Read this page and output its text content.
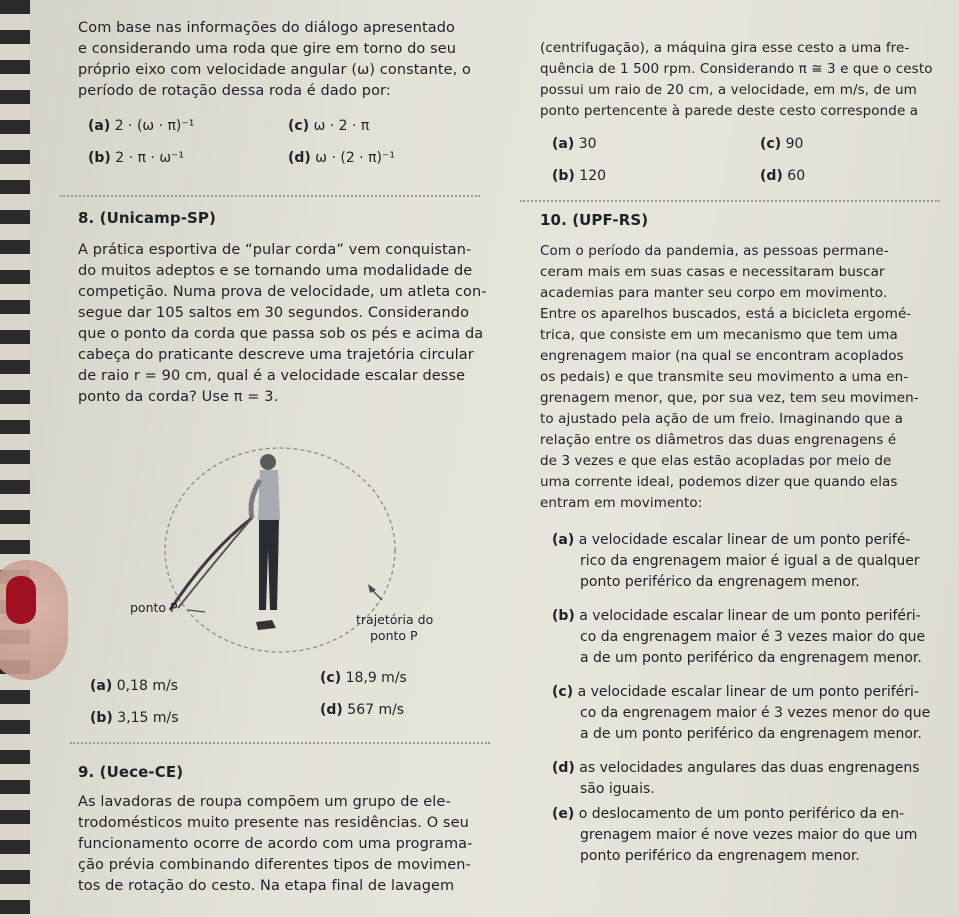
Com base nas informações do diálogo apresentado

e considerando uma roda que gire em torno do seu

próprio eixo com velocidade angular (ω) constante, o

período de rotação dessa roda é dado por:

(a) 2 · (ω · π)⁻¹
(b) 2 · π · ω⁻¹
(c) ω · 2 · π
(d) ω · (2 · π)⁻¹

(centrifugação), a máquina gira esse cesto a uma fre-

quência de 1 500 rpm. Considerando π ≅ 3 e que o cesto

possui um raio de 20 cm, a velocidade, em m/s, de um

ponto pertencente à parede deste cesto corresponde a

(a) 30
(b) 120
(c) 90
(d) 60

8. (Unicamp-SP)

A prática esportiva de “pular corda” vem conquistan-

do muitos adeptos e se tornando uma modalidade de

competição. Numa prova de velocidade, um atleta con-

segue dar 105 saltos em 30 segundos. Considerando

que o ponto da corda que passa sob os pés e acima da

cabeça do praticante descreve uma trajetória circular

de raio r = 90 cm, qual é a velocidade escalar desse

ponto da corda? Use π = 3.

ponto P
trajetória do
ponto P
(a) 0,18 m/s
(b) 3,15 m/s
(c) 18,9 m/s
(d) 567 m/s

9. (Uece-CE)

As lavadoras de roupa compõem um grupo de ele-

trodomésticos muito presente nas residências. O seu

funcionamento ocorre de acordo com uma programa-

ção prévia combinando diferentes tipos de movimen-

tos de rotação do cesto. Na etapa final de lavagem

10. (UPF-RS)

Com o período da pandemia, as pessoas permane-

ceram mais em suas casas e necessitaram buscar

academias para manter seu corpo em movimento.

Entre os aparelhos buscados, está a bicicleta ergomé-

trica, que consiste em um mecanismo que tem uma

engrenagem maior (na qual se encontram acoplados

os pedais) e que transmite seu movimento a uma en-

grenagem menor, que, por sua vez, tem seu movimen-

to ajustado pela ação de um freio. Imaginando que a

relação entre os diâmetros das duas engrenagens é

de 3 vezes e que elas estão acopladas por meio de

uma corrente ideal, podemos dizer que quando elas

entram em movimento:

(a) a velocidade escalar linear de um ponto perifé-
rico da engrenagem maior é igual a de qualquer
ponto periférico da engrenagem menor.
(b) a velocidade escalar linear de um ponto periféri-
co da engrenagem maior é 3 vezes maior do que
a de um ponto periférico da engrenagem menor.
(c) a velocidade escalar linear de um ponto periféri-
co da engrenagem maior é 3 vezes menor do que
a de um ponto periférico da engrenagem menor.
(d) as velocidades angulares das duas engrenagens
são iguais.
(e) o deslocamento de um ponto periférico da en-
grenagem maior é nove vezes maior do que um
ponto periférico da engrenagem menor.
